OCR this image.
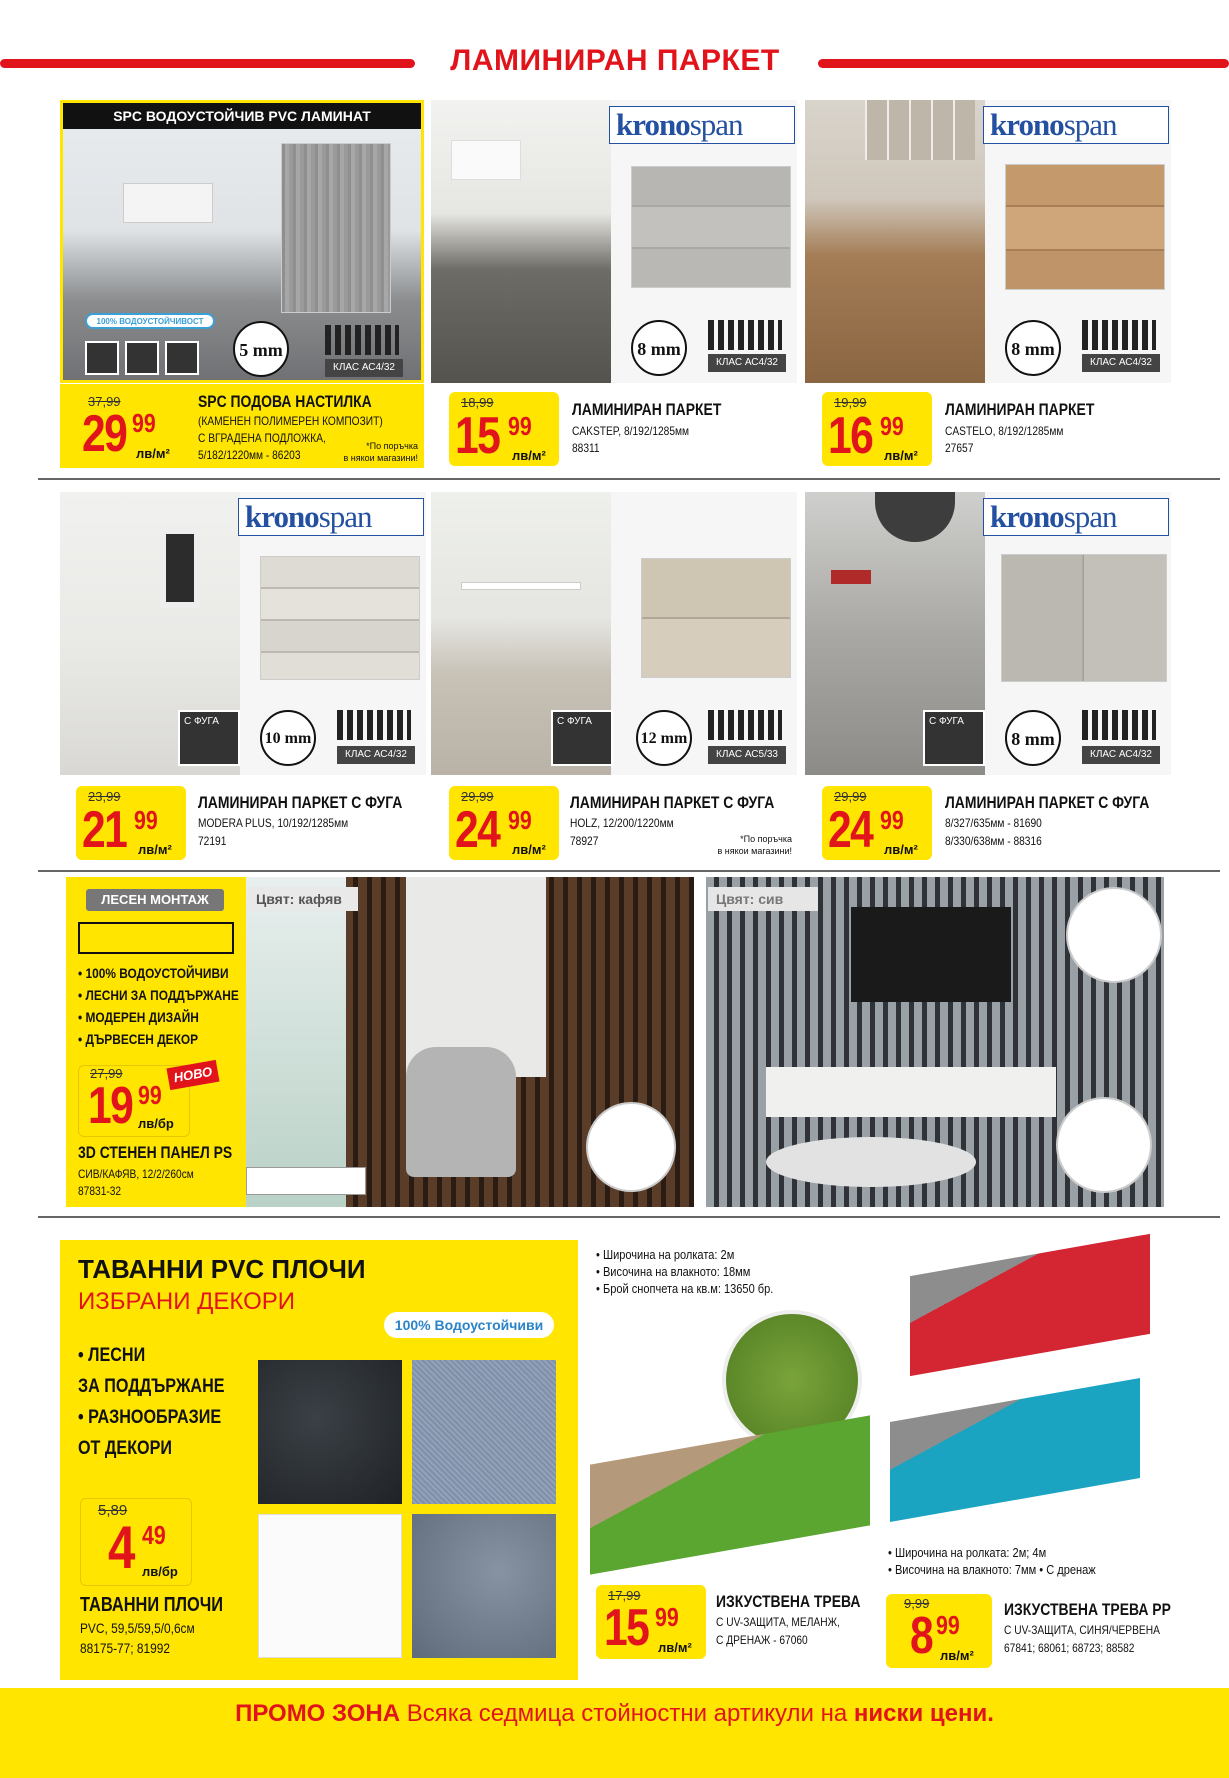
ЛАМИНИРАН ПАРКЕТ
SPC ВОДОУСТОЙЧИВ PVC ЛАМИНАТ
100% ВОДОУСТОЙЧИВОСТ
5 mm
КЛАС АС4/32
37,99
29 99
лв/м²
SPC ПОДОВА НАСТИЛКА
(КАМЕНЕН ПОЛИМЕРЕН КОМПОЗИТ)
С ВГРАДЕНА ПОДЛОЖКА,
5/182/1220мм - 86203
*По поръчка
в някои магазини!
kronospan
8 mm
КЛАС АС4/32
18,99
15 99
лв/м²
ЛАМИНИРАН ПАРКЕТ
CAKSTEP, 8/192/1285мм
88311
kronospan
8 mm
КЛАС АС4/32
19,99
16 99
лв/м²
ЛАМИНИРАН ПАРКЕТ
CASTELO, 8/192/1285мм
27657
kronospan
С ФУГА
10 mm
КЛАС АС4/32
23,99
21 99
лв/м²
ЛАМИНИРАН ПАРКЕТ С ФУГА
MODERA PLUS, 10/192/1285мм
72191
С ФУГА
12 mm
КЛАС АС5/33
29,99
24 99
лв/м²
ЛАМИНИРАН ПАРКЕТ С ФУГА
HOLZ, 12/200/1220мм
78927	*По поръчка
в някои магазини!
kronospan
С ФУГА
8 mm
КЛАС АС4/32
29,99
24 99
лв/м²
ЛАМИНИРАН ПАРКЕТ С ФУГА
8/327/635мм - 81690
8/330/638мм - 88316
ЛЕСЕН МОНТАЖ
• 100% ВОДОУСТОЙЧИВИ
• ЛЕСНИ ЗА ПОДДЪРЖАНЕ
• МОДЕРЕН ДИЗАЙН
• ДЪРВЕСЕН ДЕКОР
НОВО
27,99
19 99
лв/бр
3D СТЕНЕН ПАНЕЛ PS
СИВ/КАФЯВ, 12/2/260см
87831-32
Цвят: кафяв	Цвят: сив
ТАВАННИ PVC ПЛОЧИ
ИЗБРАНИ ДЕКОРИ
100% Водоустойчиви
• ЛЕСНИ
ЗА ПОДДЪРЖАНЕ
• РАЗНООБРАЗИЕ
ОТ ДЕКОРИ
5,89
4 49
лв/бр
ТАВАННИ ПЛОЧИ
PVC, 59,5/59,5/0,6см
88175-77; 81992
• Широчина на ролката: 2м
• Височина на влакното: 18мм
• Брой снопчета на кв.м: 13650 бр.
17,99
15 99
лв/м²
ИЗКУСТВЕНА ТРЕВА
С UV-ЗАЩИТА, МЕЛАНЖ,
С ДРЕНАЖ - 67060
• Широчина на ролката: 2м; 4м
• Височина на влакното: 7мм • С дренаж
9,99
8 99
лв/м²
ИЗКУСТВЕНА ТРЕВА PP
С UV-ЗАЩИТА, СИНЯ/ЧЕРВЕНА
67841; 68061; 68723; 88582
ПРОМО ЗОНА Всяка седмица стойностни артикули на ниски цени.
